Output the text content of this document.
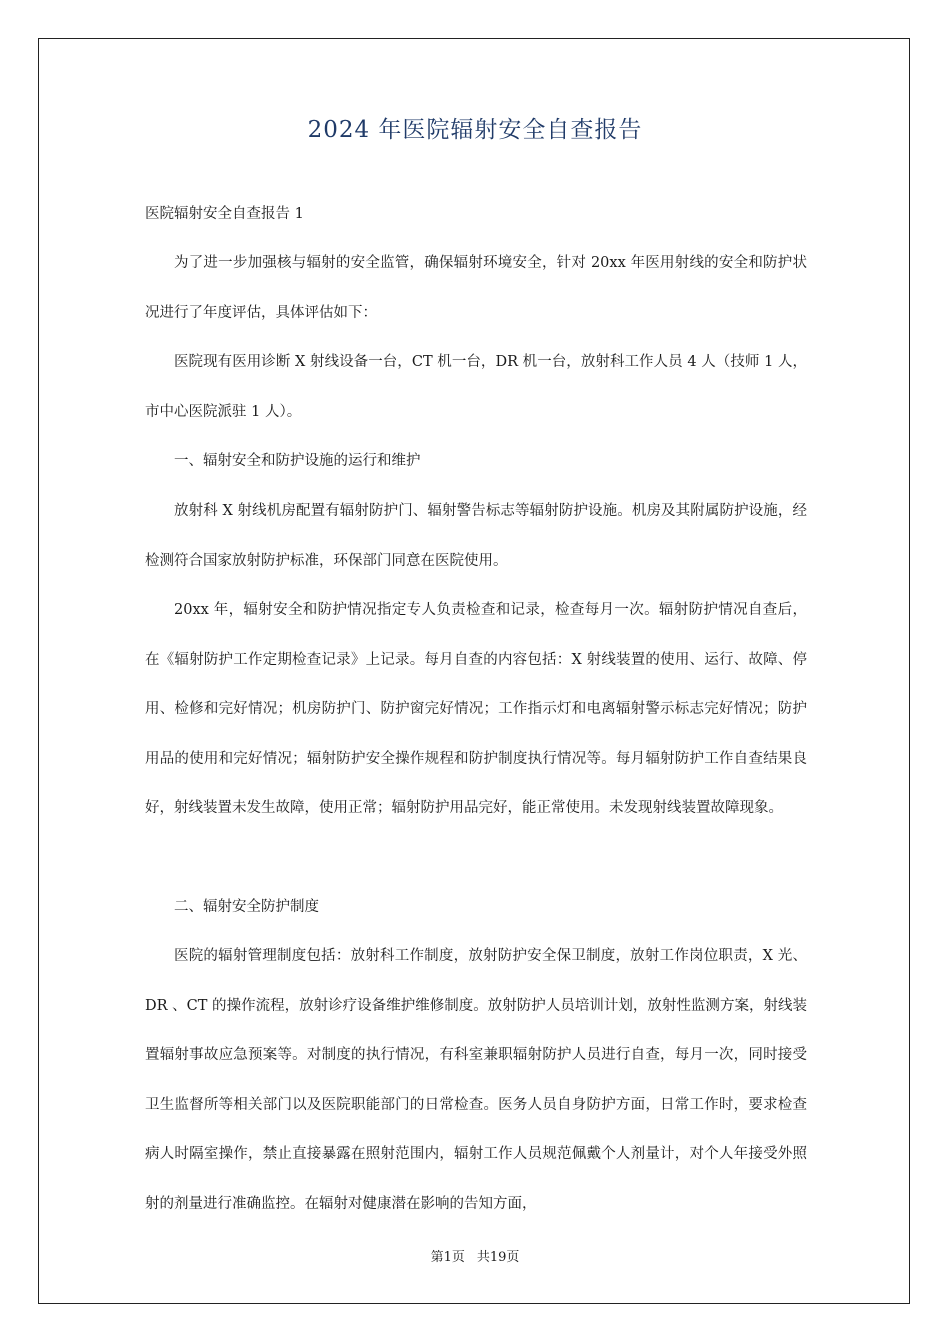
2024 年医院辐射安全自查报告

医院辐射安全自查报告 1

为了进一步加强核与辐射的安全监管，确保辐射环境安全，针对 20xx 年医用射线的安全和防护状况进行了年度评估，具体评估如下：

医院现有医用诊断 X 射线设备一台，CT 机一台，DR 机一台，放射科工作人员 4 人（技师 1 人，市中心医院派驻 1 人）。

一、辐射安全和防护设施的运行和维护

放射科 X 射线机房配置有辐射防护门、辐射警告标志等辐射防护设施。机房及其附属防护设施，经检测符合国家放射防护标准，环保部门同意在医院使用。

20xx 年，辐射安全和防护情况指定专人负责检查和记录，检查每月一次。辐射防护情况自查后，在《辐射防护工作定期检查记录》上记录。每月自查的内容包括：X 射线装置的使用、运行、故障、停用、检修和完好情况；机房防护门、防护窗完好情况；工作指示灯和电离辐射警示标志完好情况；防护用品的使用和完好情况；辐射防护安全操作规程和防护制度执行情况等。每月辐射防护工作自查结果良好，射线装置未发生故障，使用正常；辐射防护用品完好，能正常使用。未发现射线装置故障现象。

二、辐射安全防护制度

医院的辐射管理制度包括：放射科工作制度，放射防护安全保卫制度，放射工作岗位职责，X 光、DR 、CT 的操作流程，放射诊疗设备维护维修制度。放射防护人员培训计划，放射性监测方案，射线装置辐射事故应急预案等。对制度的执行情况，有科室兼职辐射防护人员进行自查，每月一次，同时接受卫生监督所等相关部门以及医院职能部门的日常检查。医务人员自身防护方面，日常工作时，要求检查病人时隔室操作，禁止直接暴露在照射范围内，辐射工作人员规范佩戴个人剂量计，对个人年接受外照射的剂量进行准确监控。在辐射对健康潜在影响的告知方面，

第1页 共19页
